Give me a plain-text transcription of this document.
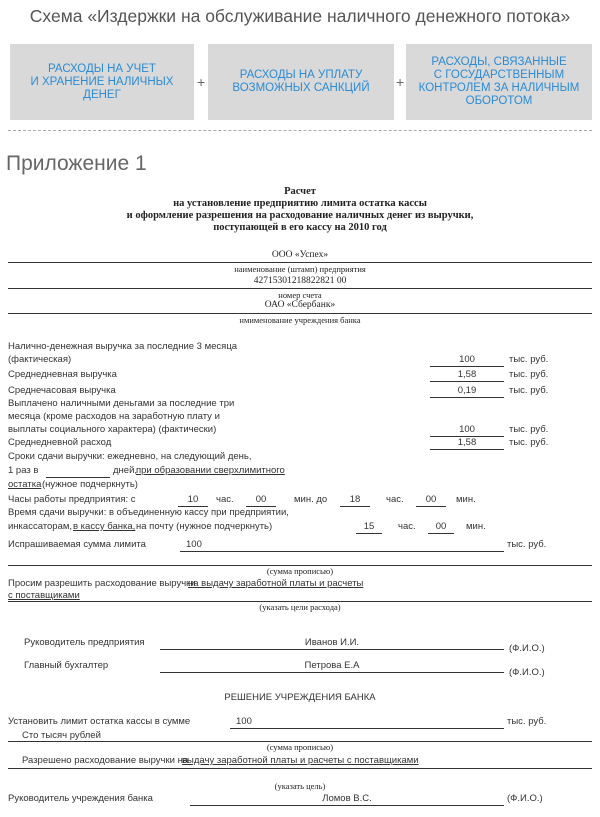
Схема «Издержки на обслуживание наличного денежного потока»
РАСХОДЫ НА УЧЕТ
И ХРАНЕНИЕ НАЛИЧНЫХ
ДЕНЕГ
+	РАСХОДЫ НА УПЛАТУ
ВОЗМОЖНЫХ САНКЦИЙ +
РАСХОДЫ, СВЯЗАННЫЕ
С ГОСУДАРСТВЕННЫМ
КОНТРОЛЕМ ЗА НАЛИЧНЫМ
ОБОРОТОМ
Приложение 1
Расчет
на установление предприятию лимита остатка кассы
и оформление разрешения на расходование наличных денег из выручки,
поступающей в его кассу на 2010 год
ООО «Успех»
наименование (штамп) предприятия
42715301218822821 00
номер счета
ОАО «Сбербанк»
нмименование учреждения банка
Налично-денежная выручка за последние 3 месяца
(фактическая)	100	тыс. руб.
Среднедневная выручка	1,58	тыс. руб.
Среднечасовая выручка	0,19	тыс. руб.
Выплачено наличными деньгами за последние три
месяца (кроме расходов на заработную плату и
выплаты социального характера) (фактически)	100	тыс. руб.
Среднедневной расход	1,58	тыс. руб.
Сроки сдачи выручки: ежедневно, на следующий день,
1 раз в	дней,
при образовании сверхлимитного
остатка (нужное подчеркнуть)
Часы работы предприятия: с	10	час.	00	мин. до	18	час.	00	мин.
Время сдачи выручки: в объединенную кассу при предприятии,
инкассаторам, в кассу банка, на почту (нужное подчеркнуть)	15	час.	00	мин.
Испрашиваемая сумма лимита	100	тыс. руб.
(сумма прописью)
Просим разрешить расходование выручки
на выдачу заработной платы и расчеты
с поставщиками
(указать цели расхода)
Руководитель предприятия	Иванов И.И.
(Ф.И.О.)
Главный бухгалтер	Петрова Е.А
(Ф.И.О.)
РЕШЕНИЕ УЧРЕЖДЕНИЯ БАНКА
Установить лимит остатка кассы в сумме	100	тыс. руб.
Сто тысяч рублей
(сумма прописью)
Разрешено расходование выручки на
выдачу заработной платы и расчеты с поставщиками
(указать цель)
Руководитель учреждения банка	Ломов В.С.	(Ф.И.О.)
